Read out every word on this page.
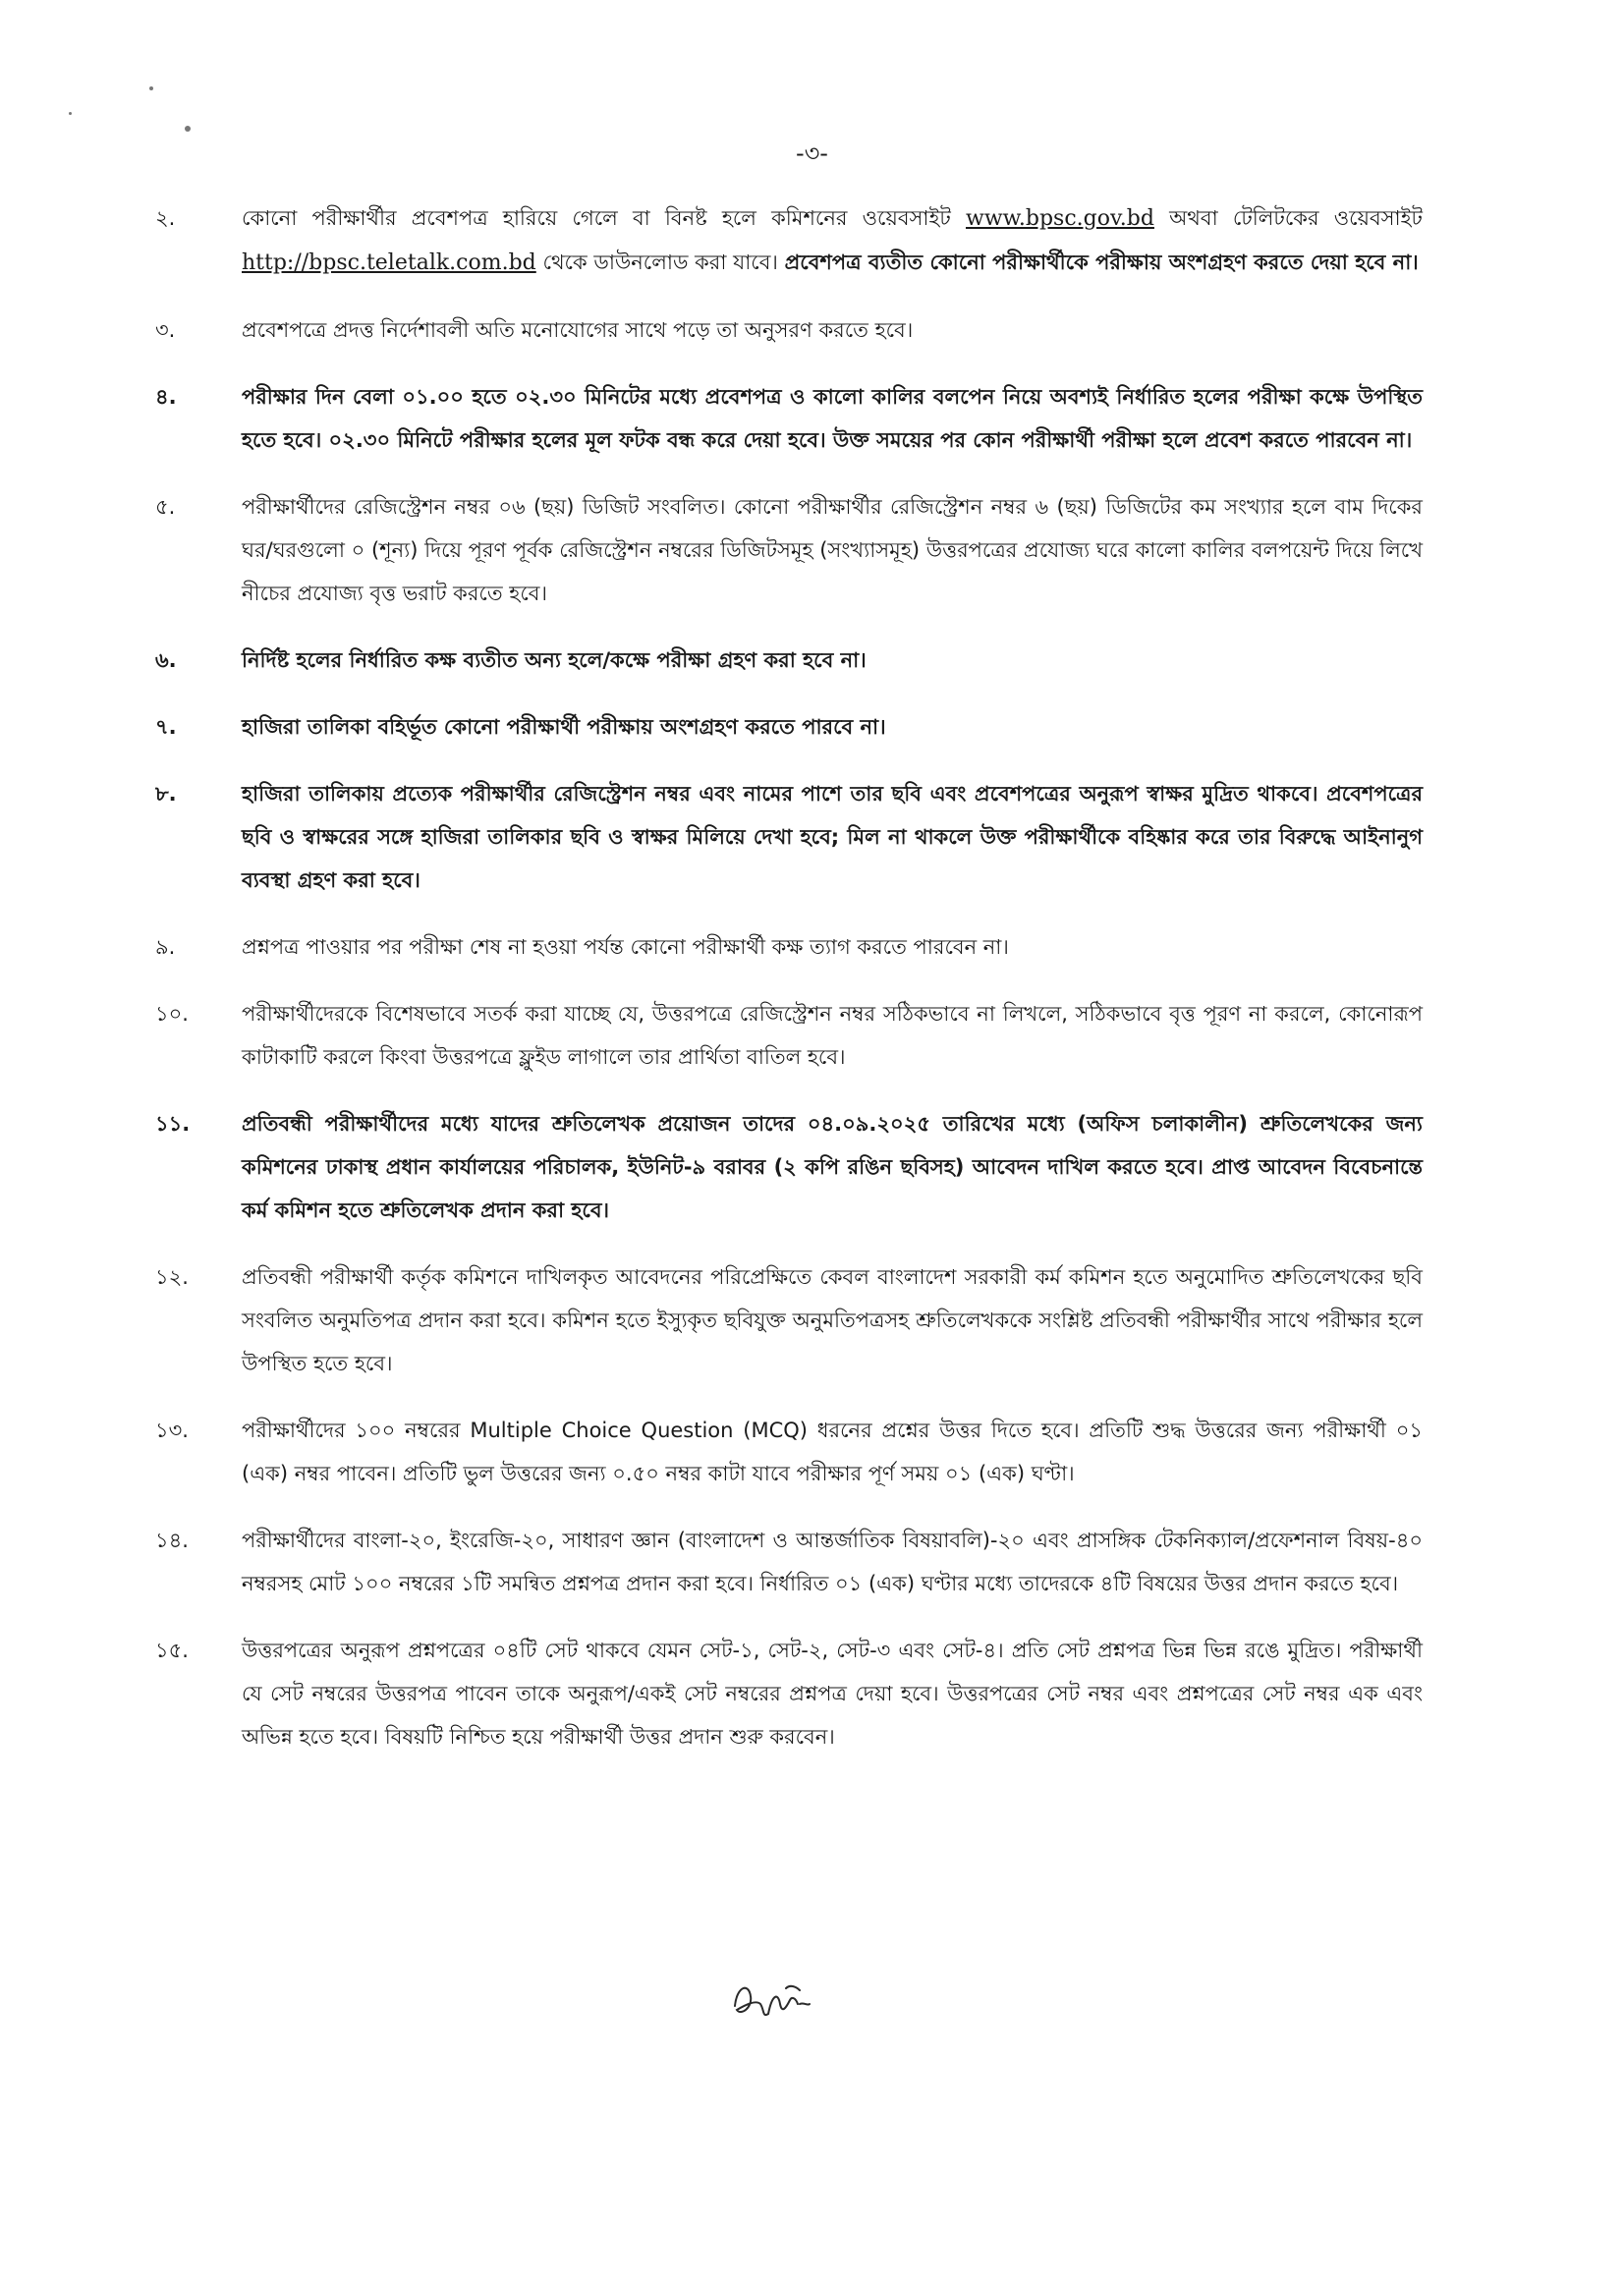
-৩-
২.	কোনো পরীক্ষার্থীর প্রবেশপত্র হারিয়ে গেলে বা বিনষ্ট হলে কমিশনের ওয়েবসাইট www.bpsc.gov.bd অথবা টেলিটকের ওয়েবসাইট http://bpsc.teletalk.com.bd থেকে ডাউনলোড করা যাবে। প্রবেশপত্র ব্যতীত কোনো পরীক্ষার্থীকে পরীক্ষায় অংশগ্রহণ করতে দেয়া হবে না।
৩.	প্রবেশপত্রে প্রদত্ত নির্দেশাবলী অতি মনোযোগের সাথে পড়ে তা অনুসরণ করতে হবে।
৪.	পরীক্ষার দিন বেলা ০১.০০ হতে ০২.৩০ মিনিটের মধ্যে প্রবেশপত্র ও কালো কালির বলপেন নিয়ে অবশ্যই নির্ধারিত হলের পরীক্ষা কক্ষে উপস্থিত হতে হবে। ০২.৩০ মিনিটে পরীক্ষার হলের মূল ফটক বন্ধ করে দেয়া হবে। উক্ত সময়ের পর কোন পরীক্ষার্থী পরীক্ষা হলে প্রবেশ করতে পারবেন না।
৫.	পরীক্ষার্থীদের রেজিস্ট্রেশন নম্বর ০৬ (ছয়) ডিজিট সংবলিত। কোনো পরীক্ষার্থীর রেজিস্ট্রেশন নম্বর ৬ (ছয়) ডিজিটের কম সংখ্যার হলে বাম দিকের ঘর/ঘরগুলো ০ (শূন্য) দিয়ে পূরণ পূর্বক রেজিস্ট্রেশন নম্বরের ডিজিটসমূহ (সংখ্যাসমূহ) উত্তরপত্রের প্রযোজ্য ঘরে কালো কালির বলপয়েন্ট দিয়ে লিখে নীচের প্রযোজ্য বৃত্ত ভরাট করতে হবে।
৬.	নির্দিষ্ট হলের নির্ধারিত কক্ষ ব্যতীত অন্য হলে/কক্ষে পরীক্ষা গ্রহণ করা হবে না।
৭.	হাজিরা তালিকা বহির্ভূত কোনো পরীক্ষার্থী পরীক্ষায় অংশগ্রহণ করতে পারবে না।
৮.	হাজিরা তালিকায় প্রত্যেক পরীক্ষার্থীর রেজিস্ট্রেশন নম্বর এবং নামের পাশে তার ছবি এবং প্রবেশপত্রের অনুরূপ স্বাক্ষর মুদ্রিত থাকবে। প্রবেশপত্রের ছবি ও স্বাক্ষরের সঙ্গে হাজিরা তালিকার ছবি ও স্বাক্ষর মিলিয়ে দেখা হবে; মিল না থাকলে উক্ত পরীক্ষার্থীকে বহিষ্কার করে তার বিরুদ্ধে আইনানুগ ব্যবস্থা গ্রহণ করা হবে।
৯.	প্রশ্নপত্র পাওয়ার পর পরীক্ষা শেষ না হওয়া পর্যন্ত কোনো পরীক্ষার্থী কক্ষ ত্যাগ করতে পারবেন না।
১০.	পরীক্ষার্থীদেরকে বিশেষভাবে সতর্ক করা যাচ্ছে যে, উত্তরপত্রে রেজিস্ট্রেশন নম্বর সঠিকভাবে না লিখলে, সঠিকভাবে বৃত্ত পূরণ না করলে, কোনোরূপ কাটাকাটি করলে কিংবা উত্তরপত্রে ফ্লুইড লাগালে তার প্রার্থিতা বাতিল হবে।
১১.	প্রতিবন্ধী পরীক্ষার্থীদের মধ্যে যাদের শ্রুতিলেখক প্রয়োজন তাদের ০৪.০৯.২০২৫ তারিখের মধ্যে (অফিস চলাকালীন) শ্রুতিলেখকের জন্য কমিশনের ঢাকাস্থ প্রধান কার্যালয়ের পরিচালক, ইউনিট-৯ বরাবর (২ কপি রঙিন ছবিসহ) আবেদন দাখিল করতে হবে। প্রাপ্ত আবেদন বিবেচনান্তে কর্ম কমিশন হতে শ্রুতিলেখক প্রদান করা হবে।
১২.	প্রতিবন্ধী পরীক্ষার্থী কর্তৃক কমিশনে দাখিলকৃত আবেদনের পরিপ্রেক্ষিতে কেবল বাংলাদেশ সরকারী কর্ম কমিশন হতে অনুমোদিত শ্রুতিলেখকের ছবি সংবলিত অনুমতিপত্র প্রদান করা হবে। কমিশন হতে ইস্যুকৃত ছবিযুক্ত অনুমতিপত্রসহ শ্রুতিলেখককে সংশ্লিষ্ট প্রতিবন্ধী পরীক্ষার্থীর সাথে পরীক্ষার হলে উপস্থিত হতে হবে।
১৩.	পরীক্ষার্থীদের ১০০ নম্বরের Multiple Choice Question (MCQ) ধরনের প্রশ্নের উত্তর দিতে হবে। প্রতিটি শুদ্ধ উত্তরের জন্য পরীক্ষার্থী ০১ (এক) নম্বর পাবেন। প্রতিটি ভুল উত্তরের জন্য ০.৫০ নম্বর কাটা যাবে পরীক্ষার পূর্ণ সময় ০১ (এক) ঘণ্টা।
১৪.	পরীক্ষার্থীদের বাংলা-২০, ইংরেজি-২০, সাধারণ জ্ঞান (বাংলাদেশ ও আন্তর্জাতিক বিষয়াবলি)-২০ এবং প্রাসঙ্গিক টেকনিক্যাল/প্রফেশনাল বিষয়-৪০ নম্বরসহ মোট ১০০ নম্বরের ১টি সমন্বিত প্রশ্নপত্র প্রদান করা হবে। নির্ধারিত ০১ (এক) ঘণ্টার মধ্যে তাদেরকে ৪টি বিষয়ের উত্তর প্রদান করতে হবে।
১৫.	উত্তরপত্রের অনুরূপ প্রশ্নপত্রের ০৪টি সেট থাকবে যেমন সেট-১, সেট-২, সেট-৩ এবং সেট-৪। প্রতি সেট প্রশ্নপত্র ভিন্ন ভিন্ন রঙে মুদ্রিত। পরীক্ষার্থী যে সেট নম্বরের উত্তরপত্র পাবেন তাকে অনুরূপ/একই সেট নম্বরের প্রশ্নপত্র দেয়া হবে। উত্তরপত্রের সেট নম্বর এবং প্রশ্নপত্রের সেট নম্বর এক এবং অভিন্ন হতে হবে। বিষয়টি নিশ্চিত হয়ে পরীক্ষার্থী উত্তর প্রদান শুরু করবেন।
